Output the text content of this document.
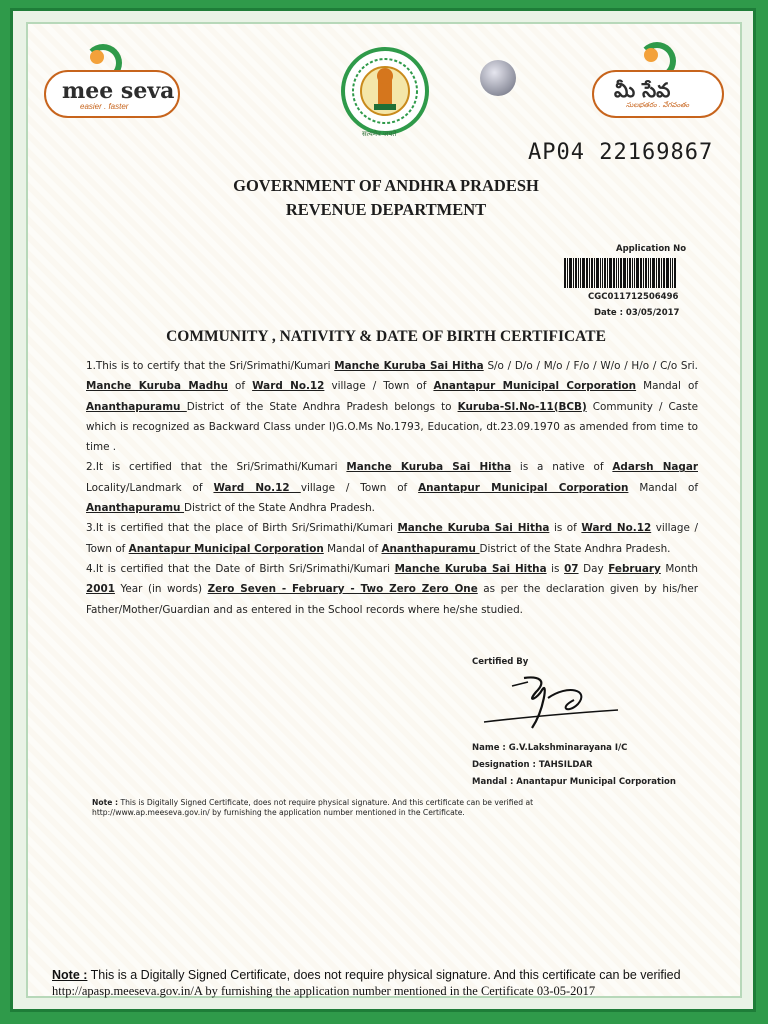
mee seva
easier . faster
सत्यमेव जयते
మీ సేవ
సులభతరం . వేగవంతం
AP04 22169867
GOVERNMENT OF ANDHRA PRADESH
REVENUE DEPARTMENT
Application No
CGC011712506496
Date : 03/05/2017
COMMUNITY , NATIVITY & DATE OF BIRTH CERTIFICATE

1.This is to certify that the Sri/Srimathi/Kumari Manche Kuruba Sai Hitha S/o / D/o / M/o / F/o / W/o / H/o / C/o Sri. Manche Kuruba Madhu of Ward No.12 village / Town of Anantapur Municipal Corporation Mandal of Ananthapuramu District of the State Andhra Pradesh belongs to Kuruba-Sl.No-11(BCB) Community / Caste which is recognized as Backward Class under I)G.O.Ms No.1793, Education, dt.23.09.1970 as amended from time to time .

2.It is certified that the Sri/Srimathi/Kumari Manche Kuruba Sai Hitha is a native of Adarsh Nagar Locality/Landmark of Ward No.12 village / Town of Anantapur Municipal Corporation Mandal of Ananthapuramu District of the State Andhra Pradesh.

3.It is certified that the place of Birth Sri/Srimathi/Kumari Manche Kuruba Sai Hitha is of Ward No.12 village / Town of Anantapur Municipal Corporation Mandal of Ananthapuramu District of the State Andhra Pradesh.

4.It is certified that the Date of Birth Sri/Srimathi/Kumari Manche Kuruba Sai Hitha is 07 Day February Month 2001 Year (in words) Zero Seven - February - Two Zero Zero One as per the declaration given by his/her Father/Mother/Guardian and as entered in the School records where he/she studied.

Certified By
Name : G.V.Lakshminarayana I/C
Designation : TAHSILDAR
Mandal : Anantapur Municipal Corporation
Note : This is Digitally Signed Certificate, does not require physical signature. And this certificate can be verified at http://www.ap.meeseva.gov.in/ by furnishing the application number mentioned in the Certificate.
Note : This is a Digitally Signed Certificate, does not require physical signature. And this certificate can be verified
http://apasp.meeseva.gov.in/A by furnishing the application number mentioned in the Certificate 03-05-2017
